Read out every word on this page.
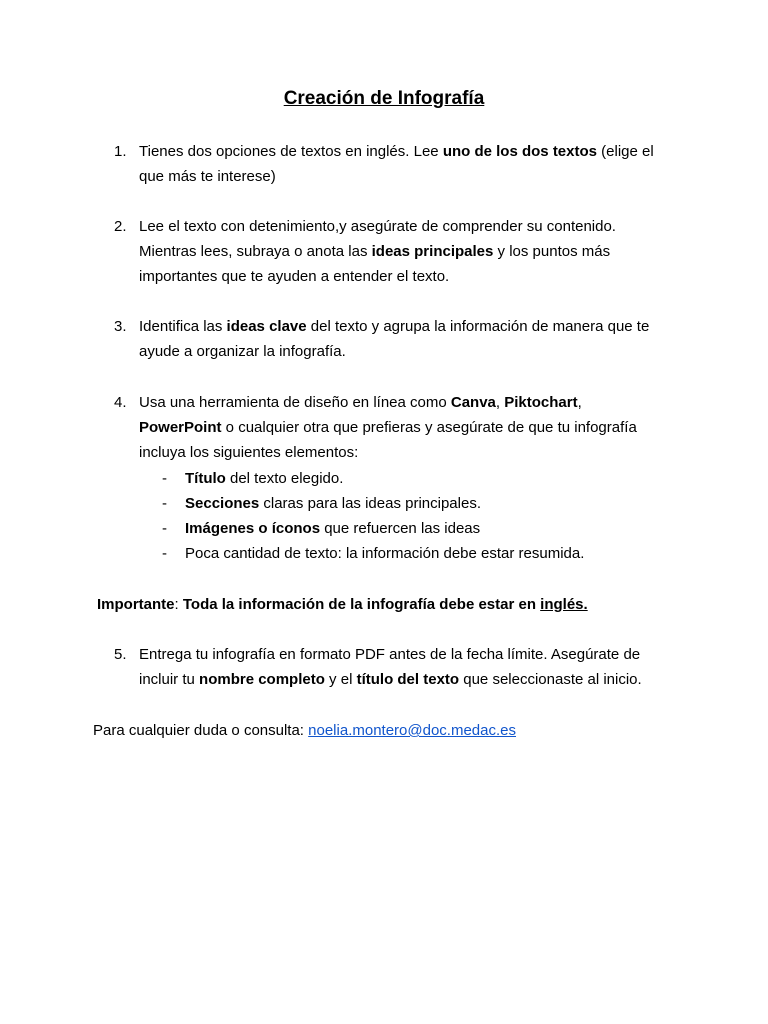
Creación de Infografía
1. Tienes dos opciones de textos en inglés. Lee uno de los dos textos (elige el
que más te interese)
2. Lee el texto con detenimiento,y asegúrate de comprender su contenido.
Mientras lees, subraya o anota las ideas principales y los puntos más
importantes que te ayuden a entender el texto.
3. Identifica las ideas clave del texto y agrupa la información de manera que te
ayude a organizar la infografía.
4. Usa una herramienta de diseño en línea como Canva, Piktochart,
PowerPoint o cualquier otra que prefieras y asegúrate de que tu infografía
incluya los siguientes elementos:
- Título del texto elegido.
- Secciones claras para las ideas principales.
- Imágenes o íconos que refuercen las ideas
- Poca cantidad de texto: la información debe estar resumida.
Importante: Toda la información de la infografía debe estar en inglés.
5. Entrega tu infografía en formato PDF antes de la fecha límite. Asegúrate de
incluir tu nombre completo y el título del texto que seleccionaste al inicio.
Para cualquier duda o consulta: noelia.montero@doc.medac.es
